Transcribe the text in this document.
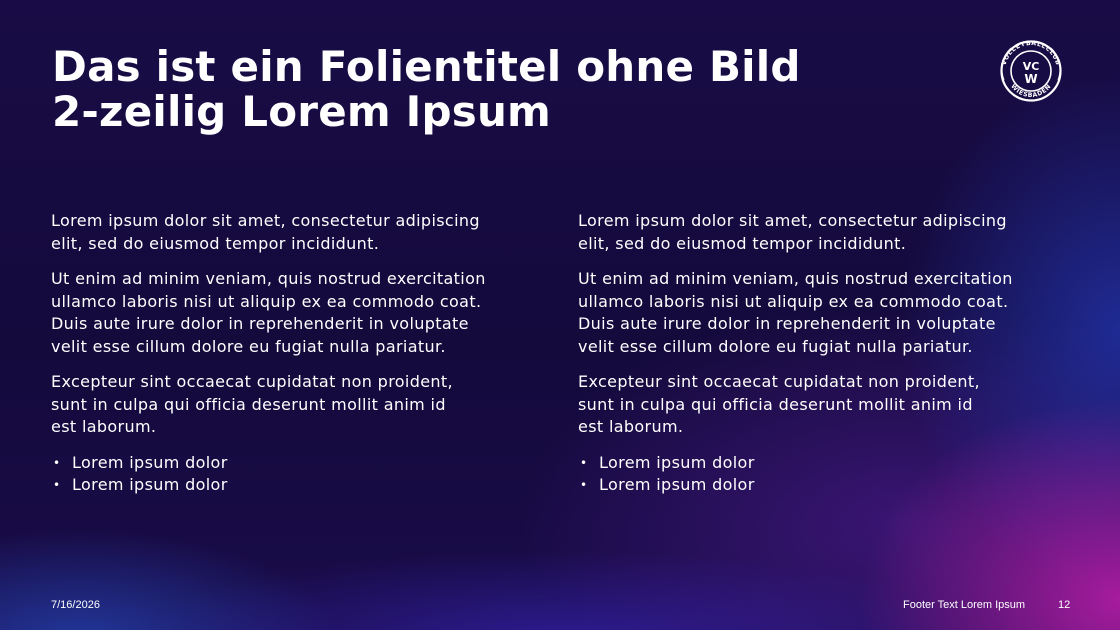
Das ist ein Folientitel ohne Bild
2-zeilig Lorem Ipsum
VOLLEYBALLCLUB
WIESBADEN
VC
W

Lorem ipsum dolor sit amet, consectetur adipiscing
elit, sed do eiusmod tempor incididunt.

Ut enim ad minim veniam, quis nostrud exercitation
ullamco laboris nisi ut aliquip ex ea commodo coat.
Duis aute irure dolor in reprehenderit in voluptate
velit esse cillum dolore eu fugiat nulla pariatur.

Excepteur sint occaecat cupidatat non proident,
sunt in culpa qui officia deserunt mollit anim id
est laborum.

• Lorem ipsum dolor
• Lorem ipsum dolor

Lorem ipsum dolor sit amet, consectetur adipiscing
elit, sed do eiusmod tempor incididunt.

Ut enim ad minim veniam, quis nostrud exercitation
ullamco laboris nisi ut aliquip ex ea commodo coat.
Duis aute irure dolor in reprehenderit in voluptate
velit esse cillum dolore eu fugiat nulla pariatur.

Excepteur sint occaecat cupidatat non proident,
sunt in culpa qui officia deserunt mollit anim id
est laborum.

• Lorem ipsum dolor
• Lorem ipsum dolor
7/16/2026	Footer Text Lorem Ipsum	12
